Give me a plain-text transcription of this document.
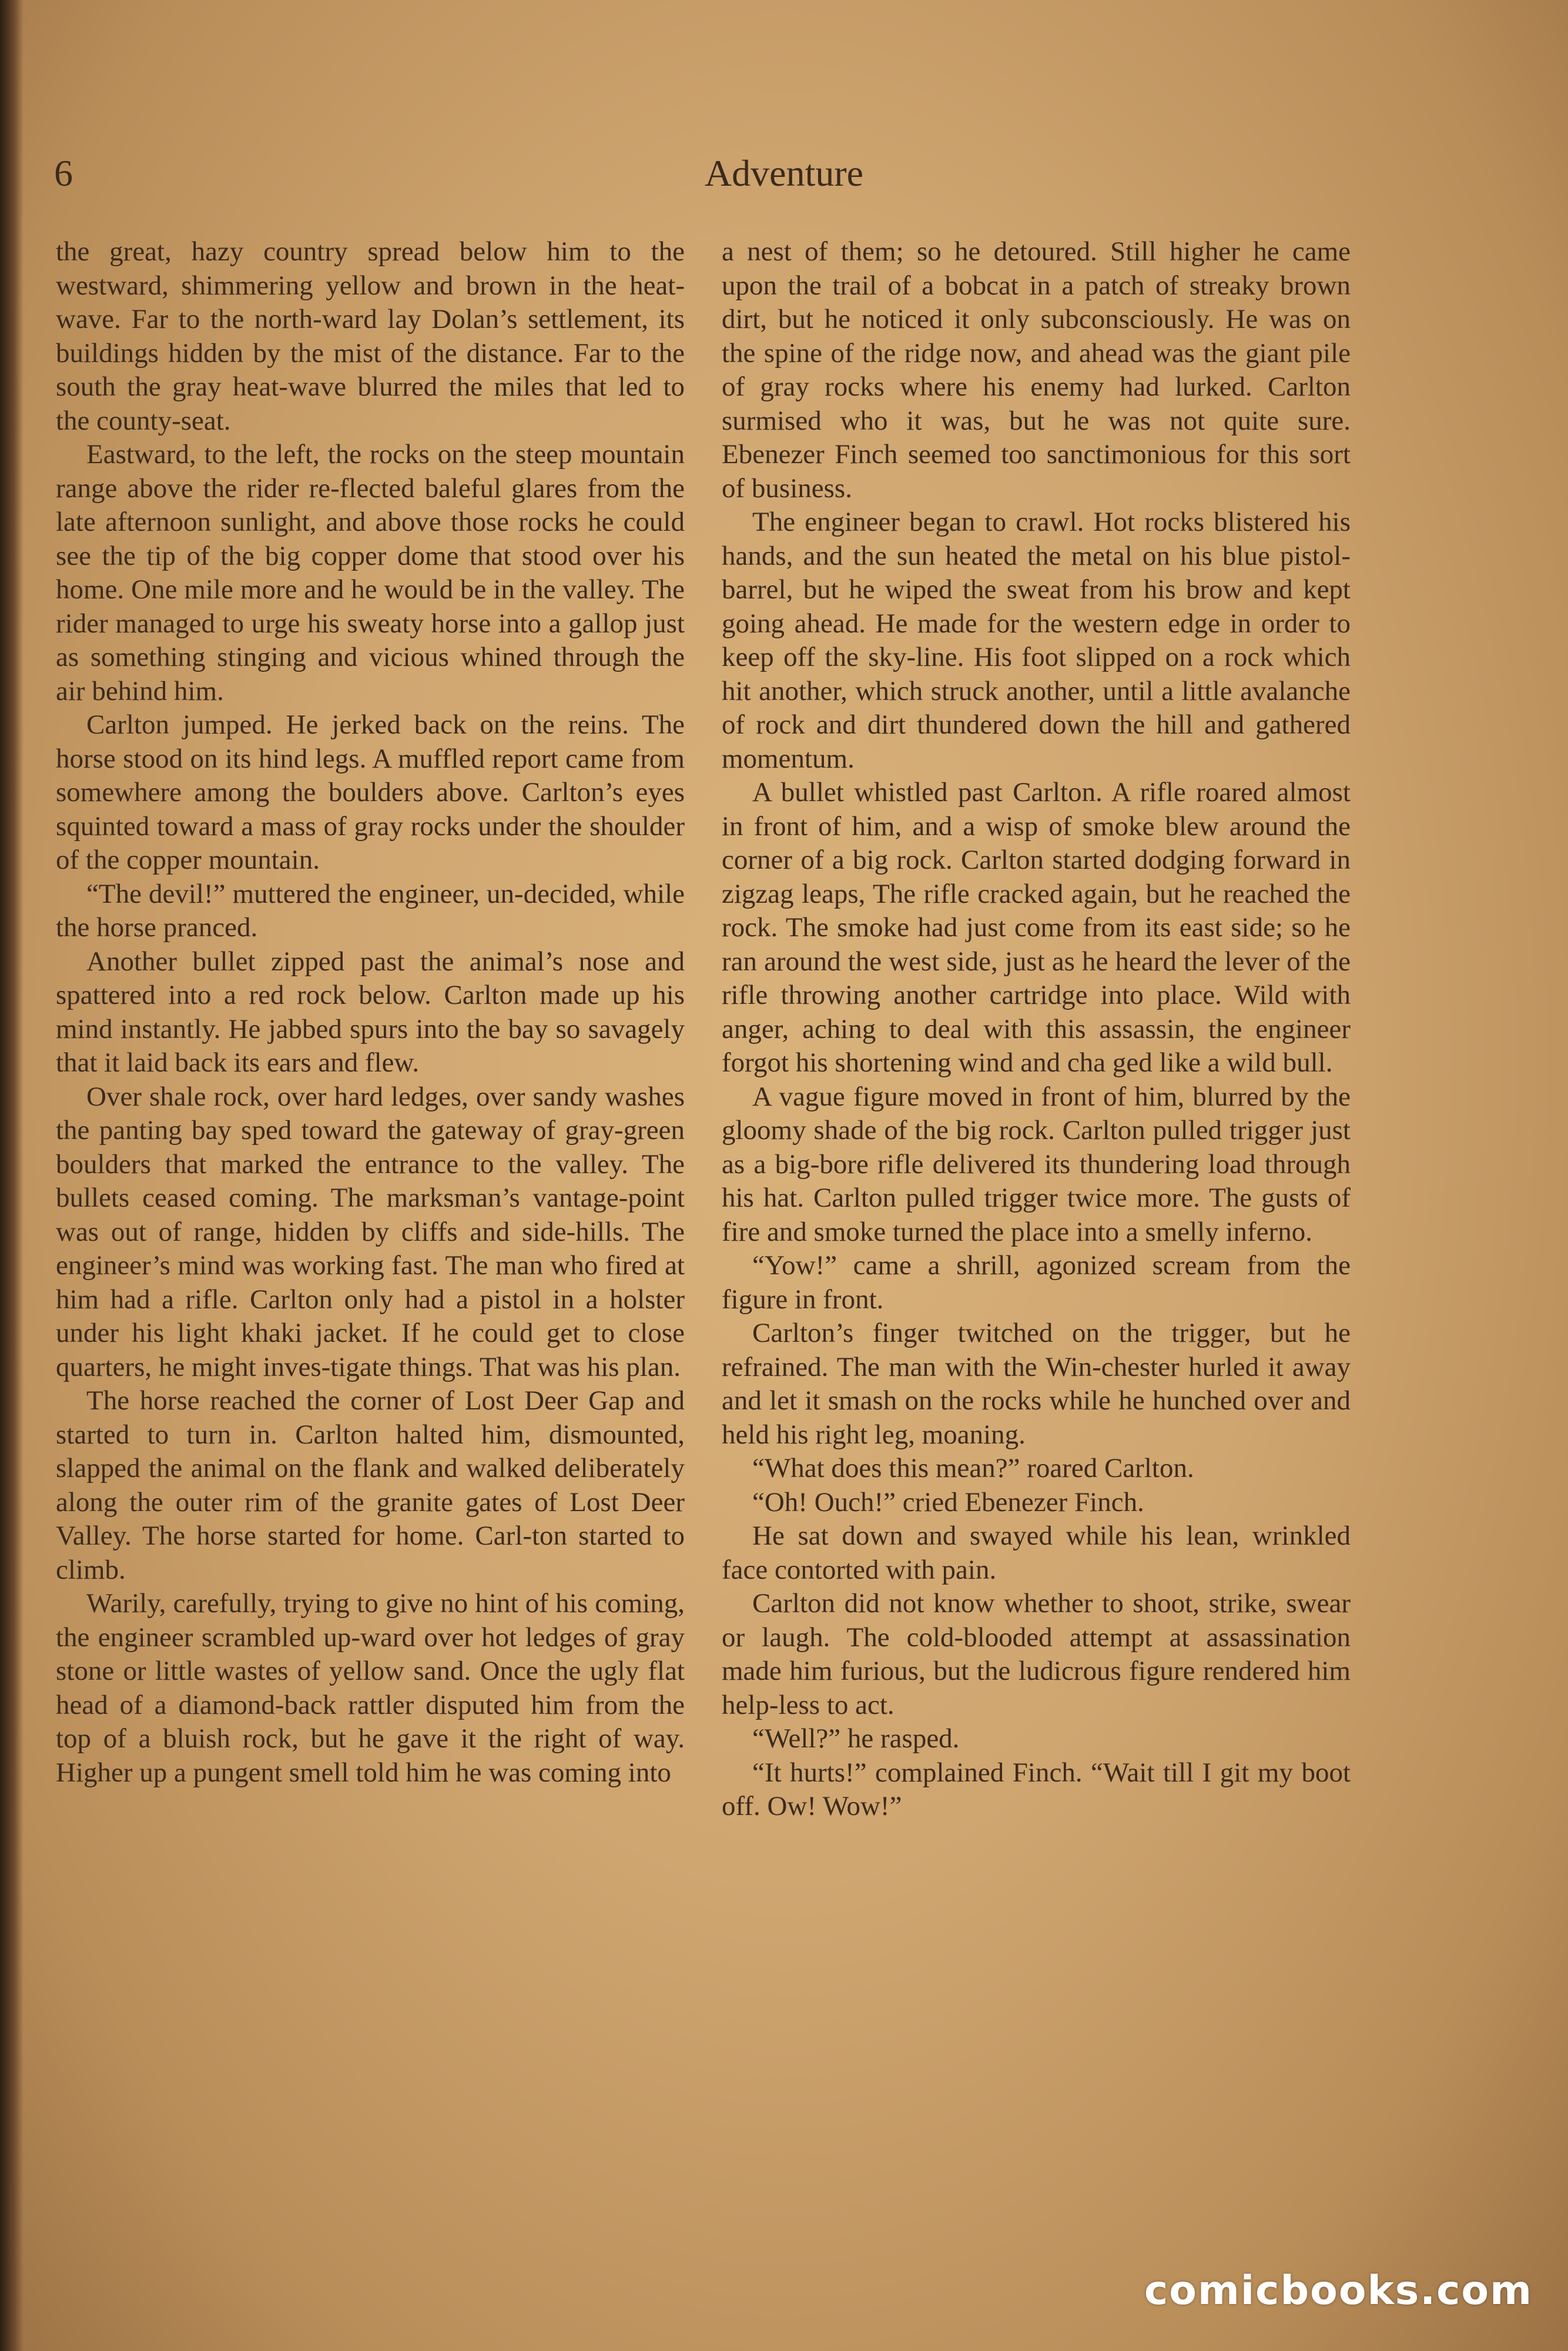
6	Adventure

the great, hazy country spread below him to the westward, shimmering yellow and brown in the heat-wave. Far to the north-ward lay Dolan’s settlement, its buildings hidden by the mist of the distance. Far to the south the gray heat-wave blurred the miles that led to the county-seat.

Eastward, to the left, the rocks on the steep mountain range above the rider re-flected baleful glares from the late afternoon sunlight, and above those rocks he could see the tip of the big copper dome that stood over his home. One mile more and he would be in the valley. The rider managed to urge his sweaty horse into a gallop just as something stinging and vicious whined through the air behind him.

Carlton jumped. He jerked back on the reins. The horse stood on its hind legs. A muffled report came from somewhere among the boulders above. Carlton’s eyes squinted toward a mass of gray rocks under the shoulder of the copper mountain.

“The devil!” muttered the engineer, un-decided, while the horse pranced.

Another bullet zipped past the animal’s nose and spattered into a red rock below. Carlton made up his mind instantly. He jabbed spurs into the bay so savagely that it laid back its ears and flew.

Over shale rock, over hard ledges, over sandy washes the panting bay sped toward the gateway of gray-green boulders that marked the entrance to the valley. The bullets ceased coming. The marksman’s vantage-point was out of range, hidden by cliffs and side-hills. The engineer’s mind was working fast. The man who fired at him had a rifle. Carlton only had a pistol in a holster under his light khaki jacket. If he could get to close quarters, he might inves-tigate things. That was his plan.

The horse reached the corner of Lost Deer Gap and started to turn in. Carlton halted him, dismounted, slapped the animal on the flank and walked deliberately along the outer rim of the granite gates of Lost Deer Valley. The horse started for home. Carl-ton started to climb.

Warily, carefully, trying to give no hint of his coming, the engineer scrambled up-ward over hot ledges of gray stone or little wastes of yellow sand. Once the ugly flat head of a diamond-back rattler disputed him from the top of a bluish rock, but he gave it the right of way. Higher up a pungent smell told him he was coming into

a nest of them; so he detoured. Still higher he came upon the trail of a bobcat in a patch of streaky brown dirt, but he noticed it only subconsciously. He was on the spine of the ridge now, and ahead was the giant pile of gray rocks where his enemy had lurked. Carlton surmised who it was, but he was not quite sure. Ebenezer Finch seemed too sanctimonious for this sort of business.

The engineer began to crawl. Hot rocks blistered his hands, and the sun heated the metal on his blue pistol-barrel, but he wiped the sweat from his brow and kept going ahead. He made for the western edge in order to keep off the sky-line. His foot slipped on a rock which hit another, which struck another, until a little avalanche of rock and dirt thundered down the hill and gathered momentum.

A bullet whistled past Carlton. A rifle roared almost in front of him, and a wisp of smoke blew around the corner of a big rock. Carlton started dodging forward in zigzag leaps, The rifle cracked again, but he reached the rock. The smoke had just come from its east side; so he ran around the west side, just as he heard the lever of the rifle throwing another cartridge into place. Wild with anger, aching to deal with this assassin, the engineer forgot his shortening wind and cha ged like a wild bull.

A vague figure moved in front of him, blurred by the gloomy shade of the big rock. Carlton pulled trigger just as a big-bore rifle delivered its thundering load through his hat. Carlton pulled trigger twice more. The gusts of fire and smoke turned the place into a smelly inferno.

“Yow!” came a shrill, agonized scream from the figure in front.

Carlton’s finger twitched on the trigger, but he refrained. The man with the Win-chester hurled it away and let it smash on the rocks while he hunched over and held his right leg, moaning.

“What does this mean?” roared Carlton.

“Oh! Ouch!” cried Ebenezer Finch.

He sat down and swayed while his lean, wrinkled face contorted with pain.

Carlton did not know whether to shoot, strike, swear or laugh. The cold-blooded attempt at assassination made him furious, but the ludicrous figure rendered him help-less to act.

“Well?” he rasped.

“It hurts!” complained Finch. “Wait till I git my boot off. Ow! Wow!”

comicbooks.com
